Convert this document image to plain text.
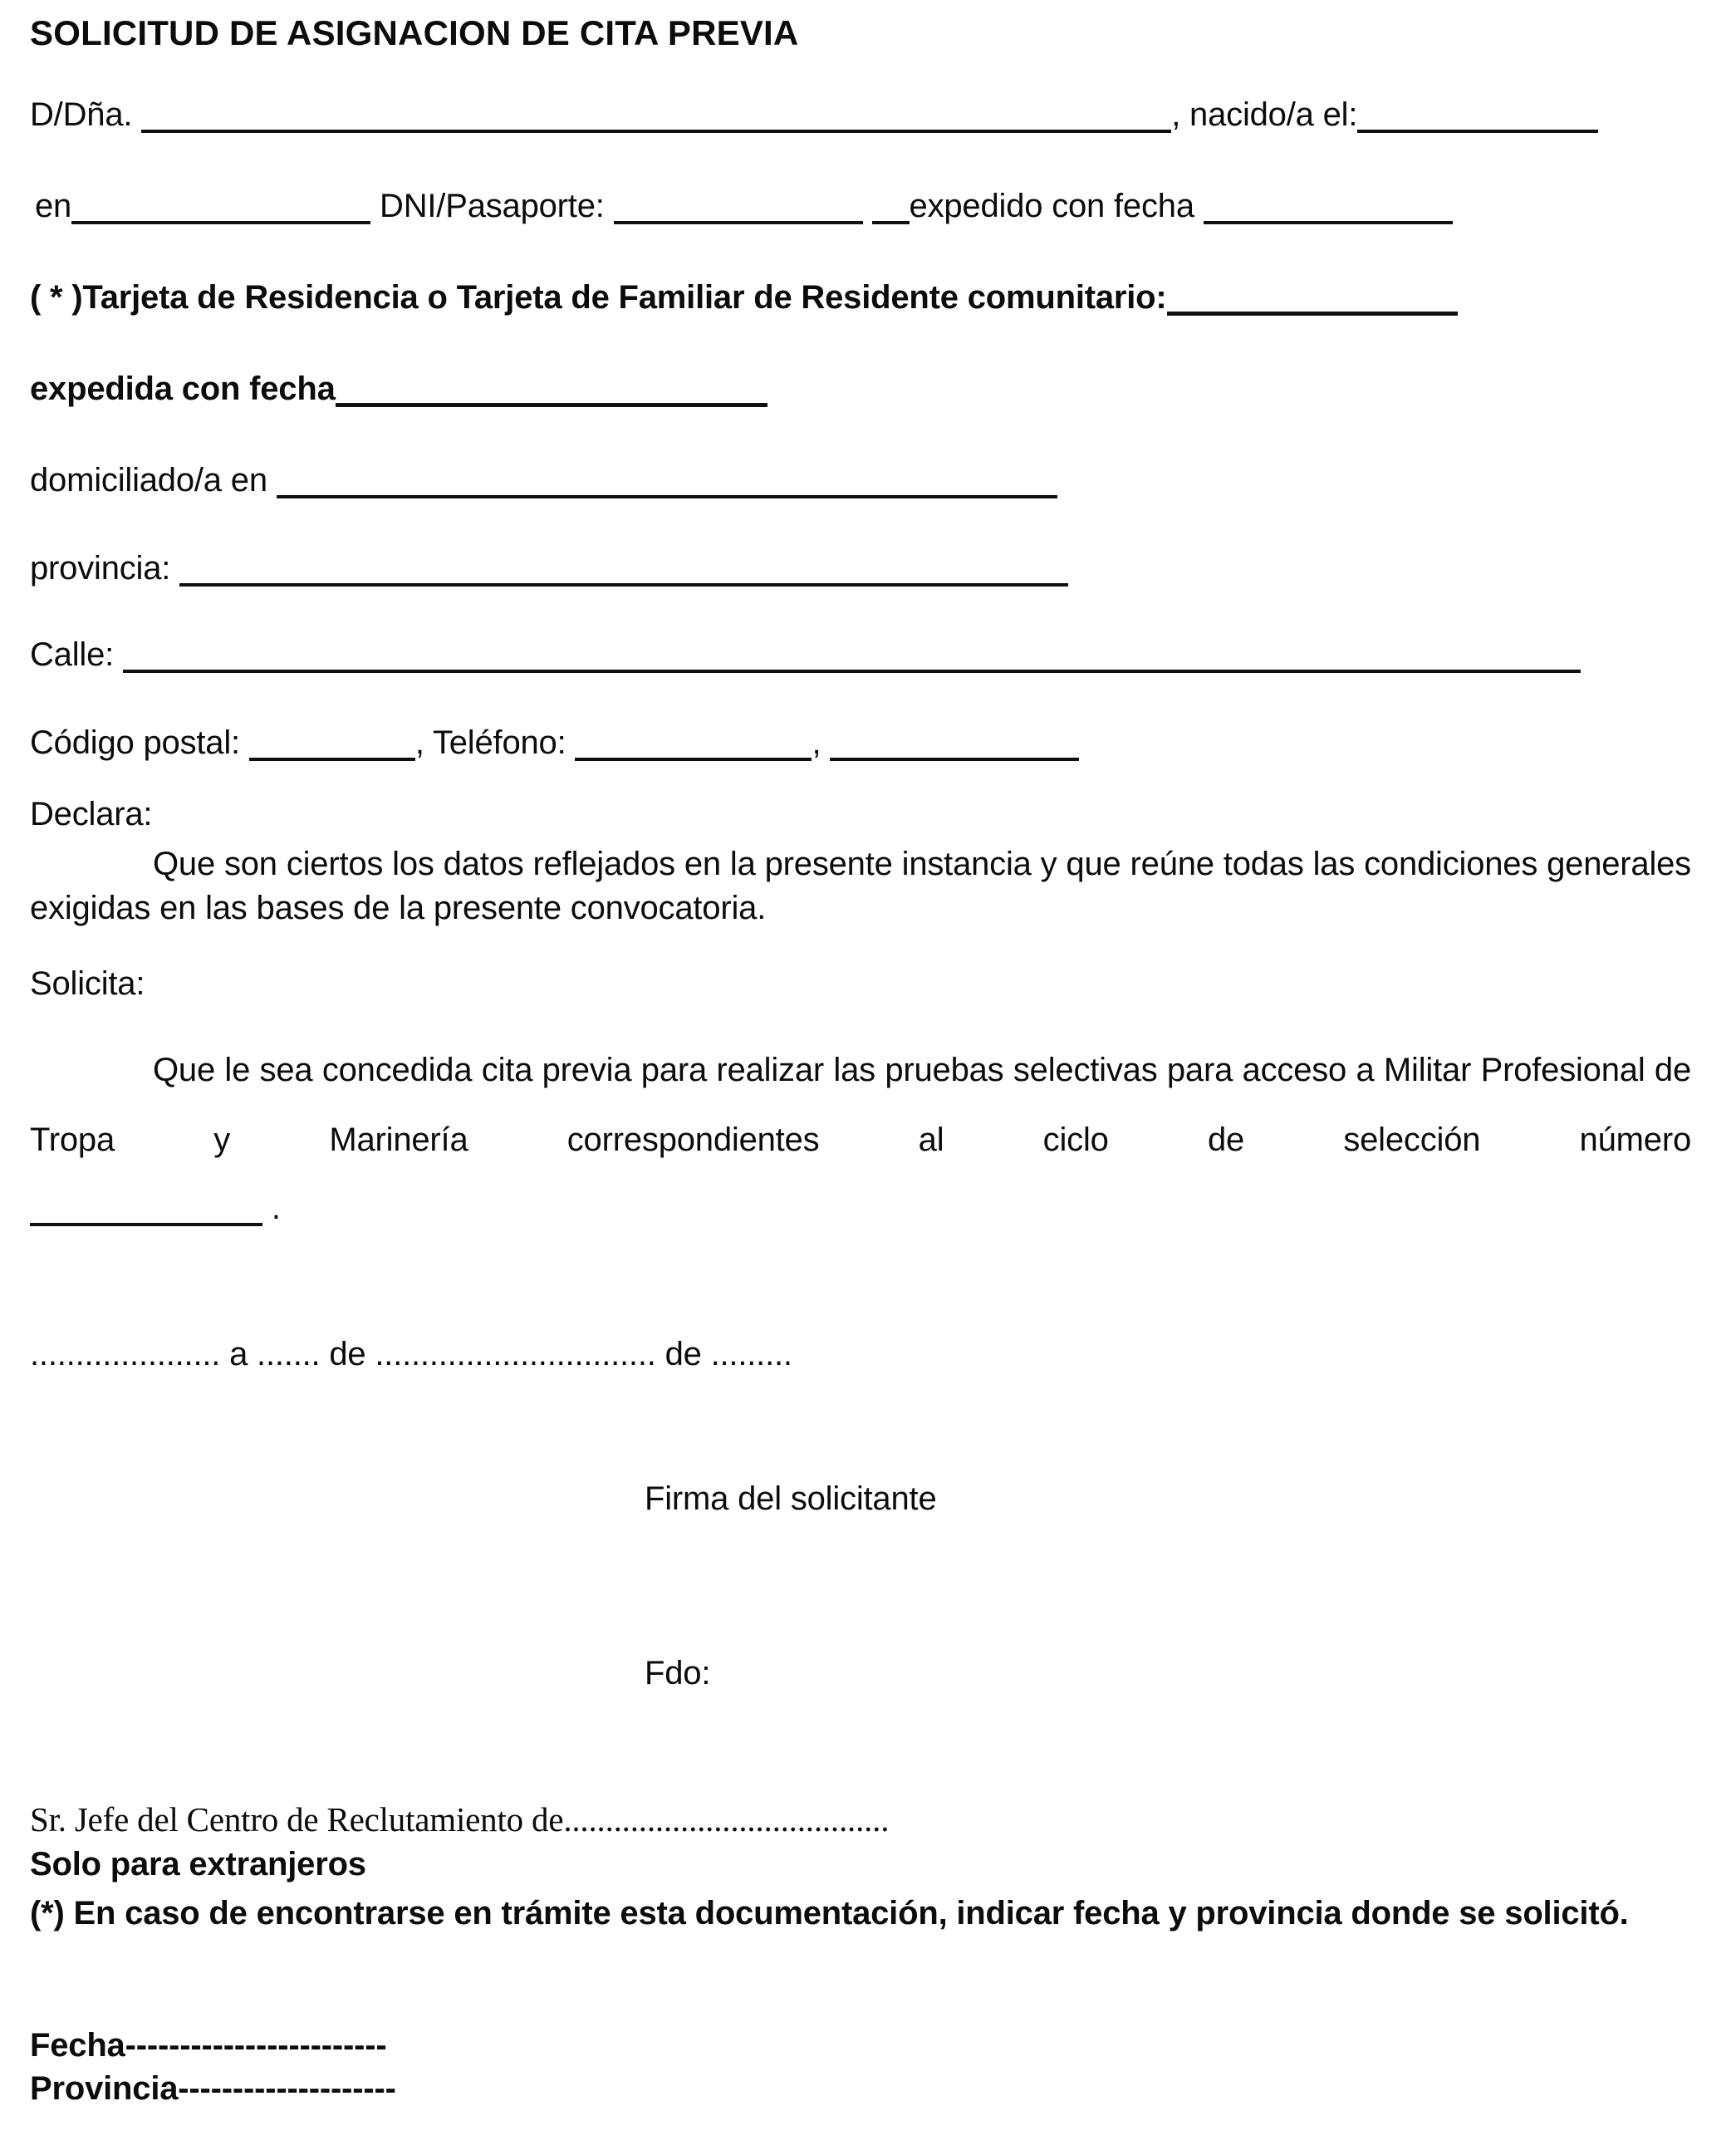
SOLICITUD DE ASIGNACION DE CITA PREVIA
D/Dña.	, nacido/a el:
en	DNI/Pasaporte:	expedido con fecha
( * )Tarjeta de Residencia o Tarjeta de Familiar de Residente comunitario:
expedida con fecha
domiciliado/a en
provincia:
Calle:
Código postal:	, Teléfono:	,
Declara:
Que son ciertos los datos reflejados en la presente instancia y que reúne todas las condiciones generales exigidas en las bases de la presente convocatoria.
Solicita:
Que le sea concedida cita previa para realizar las pruebas selectivas para acceso a Militar Profesional de Tropa y Marinería correspondientes al ciclo de selección número
.
..................... a ....... de ............................... de .........
Firma del solicitante
Fdo:
Sr. Jefe del Centro de Reclutamiento de.......................................
Solo para extranjeros
(*) En caso de encontrarse en trámite esta documentación, indicar fecha y provincia donde se solicitó.
Fecha------------------------
Provincia--------------------
